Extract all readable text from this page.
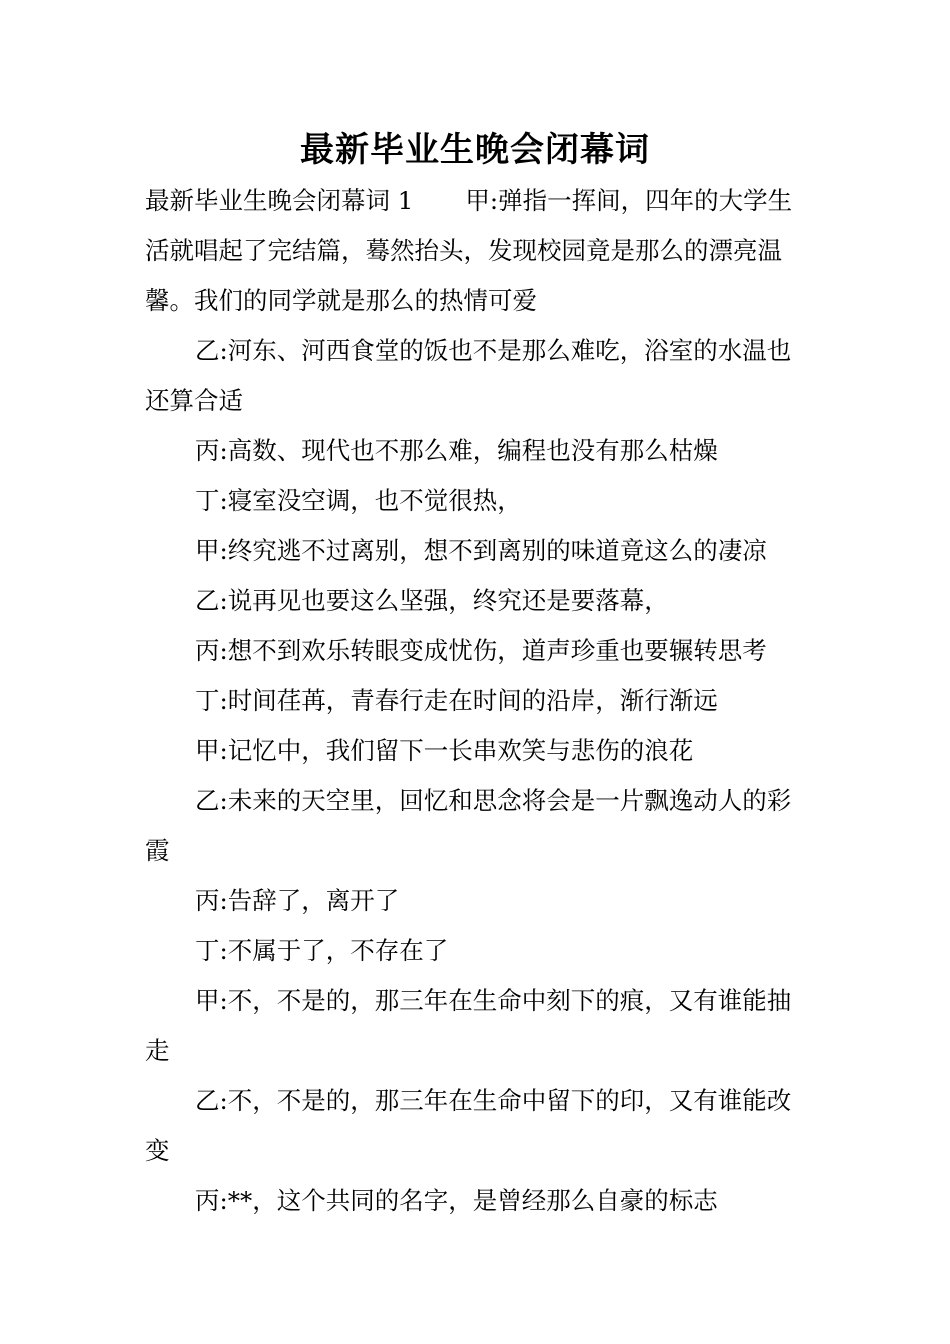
最新毕业生晚会闭幕词

最新毕业生晚会闭幕词 1 甲:弹指一挥间，四年的大学生活就唱起了完结篇，蓦然抬头，发现校园竟是那么的漂亮温馨。我们的同学就是那么的热情可爱

乙:河东、河西食堂的饭也不是那么难吃，浴室的水温也还算合适

丙:高数、现代也不那么难，编程也没有那么枯燥

丁:寝室没空调，也不觉很热，

甲:终究逃不过离别，想不到离别的味道竟这么的凄凉

乙:说再见也要这么坚强，终究还是要落幕，

丙:想不到欢乐转眼变成忧伤，道声珍重也要辗转思考

丁:时间荏苒，青春行走在时间的沿岸，渐行渐远

甲:记忆中，我们留下一长串欢笑与悲伤的浪花

乙:未来的天空里，回忆和思念将会是一片飘逸动人的彩霞

丙:告辞了，离开了

丁:不属于了，不存在了

甲:不，不是的，那三年在生命中刻下的痕，又有谁能抽走

乙:不，不是的，那三年在生命中留下的印，又有谁能改变

丙:**，这个共同的名字，是曾经那么自豪的标志
